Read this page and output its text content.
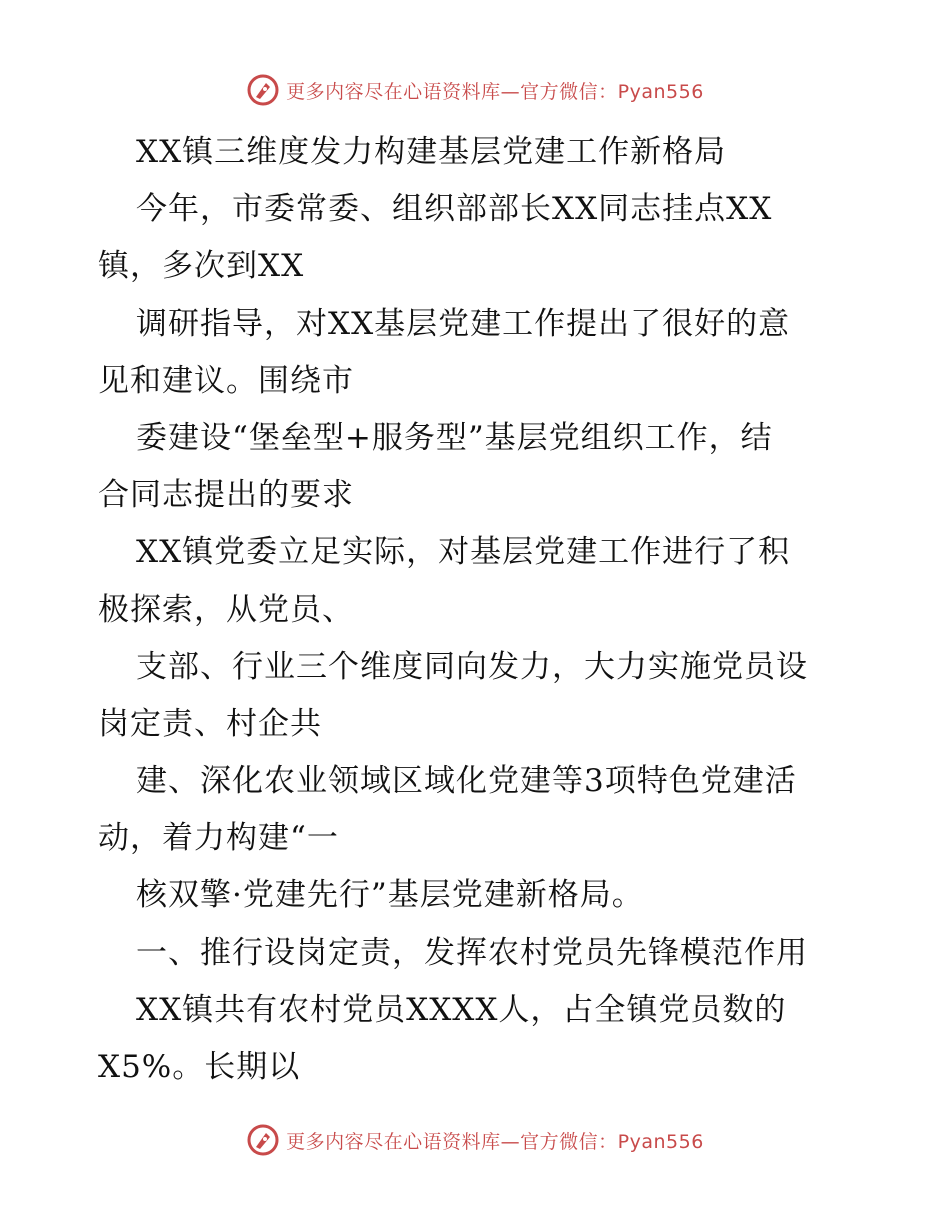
更多内容尽在心语资料库—官方微信：Pyan556
XX镇三维度发力构建基层党建工作新格局
今年，市委常委、组织部部长XX同志挂点XX
镇，多次到XX
调研指导，对XX基层党建工作提出了很好的意
见和建议。围绕市
委建设“堡垒型+服务型”基层党组织工作，结
合同志提出的要求
XX镇党委立足实际，对基层党建工作进行了积
极探索，从党员、
支部、行业三个维度同向发力，大力实施党员设
岗定责、村企共
建、深化农业领域区域化党建等3项特色党建活
动，着力构建“一
核双擎·党建先行”基层党建新格局。
一、推行设岗定责，发挥农村党员先锋模范作用
XX镇共有农村党员XXXX人，占全镇党员数的
X5%。长期以
更多内容尽在心语资料库—官方微信：Pyan556
